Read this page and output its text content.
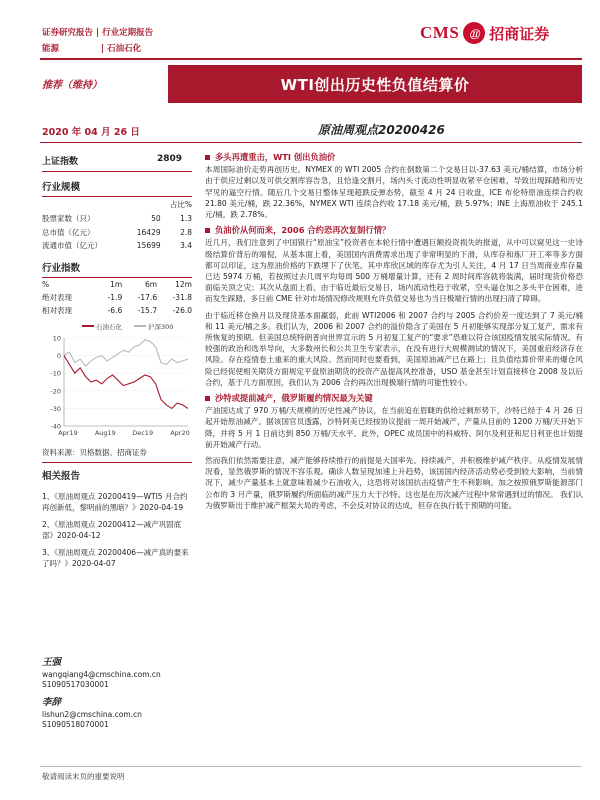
证券研究报告 | 行业定期报告
能源	| 石油石化
CMS	⑪ 招商证券
推荐（维持）	WTI创出历史性负值结算价
2020 年 04 月 26 日	原油周观点20200426
上证指数	2809
行业规模
		占比%
股票家数（只）	50	1.3
总市值（亿元）	16429	2.8
流通市值（亿元）	15699	3.4
行业指数
%	1m	6m	12m
绝对表现	-1.9	-17.6	-31.8
相对表现	-6.6	-15.7	-26.0
石油石化	沪深300
10
0
-10
-20
-30
-40
Apr19	Aug19	Dec19	Apr20
资料来源：贝格数据、招商证券
相关报告
1、《原油周观点 20200419—WTI5 月合约再创新低，黎明前的黑暗？》2020-04-19
2、《原油周观点 20200412—减产巩固底部》2020-04-12
3、《原油周观点 20200406—减产真的要来了吗？》2020-04-07
王强
wangqiang4@cmschina.com.cn
S1090517030001
李辞
lishun2@cmschina.com.cn
S1090518070001
多头再遭重击，WTI 创出负油价

本周国际油价走势再创历史。NYMEX 的 WTI 2005 合约在倒数第二个交易日以-37.63 美元/桶结算，市场分析由于供应过剩以及可供交割库容告急，且恰逢交割月，场内头寸流动性明显收紧平仓困难，导致出现踩踏和历史罕见的逼空行情。随后几个交易日整体呈现超跌反弹态势，截至 4 月 24 日收盘，ICE 布伦特原油连续合约收 21.80 美元/桶，跌 22.36%，NYMEX WTI 连续合约收 17.18 美元/桶，跌 5.97%；INE 上海原油收于 245.1 元/桶，跌 2.78%。

负油价从何而来，2006 合约恐再次复制行情？

近几月，我们注意到了中国银行“原油宝”投资者在本轮行情中遭遇巨额投资损失的报道，从中可以窥见这一史诗级结算价背后的端倪，从基本面上看，美国国内消费需求出现了非常明显的下滑，从库存和炼厂开工率等多方面都可以印证，这为原油价格的下跌埋下了伏笔。其中库欣区域的库存尤为引人关注，4 月 17 日当周商业库存量已达 5974 万桶，若按照过去几周平均每周 500 万桶增量计算，还有 2 周时间库容就将装满，届时现货价格恐面临关顶之灾；其次从盘面上看，由于临近最后交易日，场内流动性趋于收紧，空头逼仓加之多头平仓困难，进而发生踩踏，多日前 CME 针对市场情况修改规则允许负值交易也为当日极端行情的出现扫清了障碍。

由于临近移仓换月以及现货基本面羸弱，此前 WTI2006 和 2007 合约与 2005 合约价差一度达到了 7 美元/桶和 11 美元/桶之多。我们认为，2006 和 2007 合约的溢价隐含了美国在 5 月初能够实现部分复工复产，需求有所恢复的预期。但美国总统特朗普向世界宣示的 5 月初复工复产的“要求”恐难以符合该国疫情发展实际情况。有较强的政治和选举导向，大多数州长和公共卫生专家表示，在没有进行大规模测试的情况下，美国重启经济存在风险。存在疫情卷土重来的重大风险。然而同时也要看到，美国原油减产已在路上；且负值结算价带来的爆仓风险已经促使相关期货方面规定平盘原油期货的投资产品提高风控准备，USO 基金甚至计划直接移仓 2008 及以后合约，基于几方面原因，我们认为 2006 合约再次出现极端行情的可能性较小。

沙特或提前减产，俄罗斯履约情况最为关键

产油国达成了 970 万桶/天规模的历史性减产协议，在当前追在眉睫的供给过剩形势下，沙特已经于 4 月 26 日起开始原油减产。据该国官员透露，沙特阿美已经按协议提前一周开始减产，产量从目前的 1200 万桶/天开始下降，并将 5 月 1 日前达到 850 万桶/天水平。此外，OPEC 成员国中的科威特、阿尔及利亚和尼日利亚也计划提前开始减产行动。

然而我们依然需要注意，减产能够持续推行的前提是大国率先、持续减产，并积极维护减产秩序。从疫情发展情况看，显然俄罗斯的情况不容乐观。确诊人数呈现加速上升趋势，该国国内经济活动势必受到较大影响，当前情况下，减少产量基本上就意味着减少石油收入，这恐将对该国抗击疫情产生不利影响。加之按照俄罗斯能源部门公布的 3 月产量，俄罗斯履约所面临的减产压力大于沙特。这也是在历次减产过程中常常遇到过的情况。 我们认为俄罗斯出于维护减产框架大局的考虑，不会反对协议的达成，但存在执行低于预期的可能。

敬请阅读末页的重要说明
